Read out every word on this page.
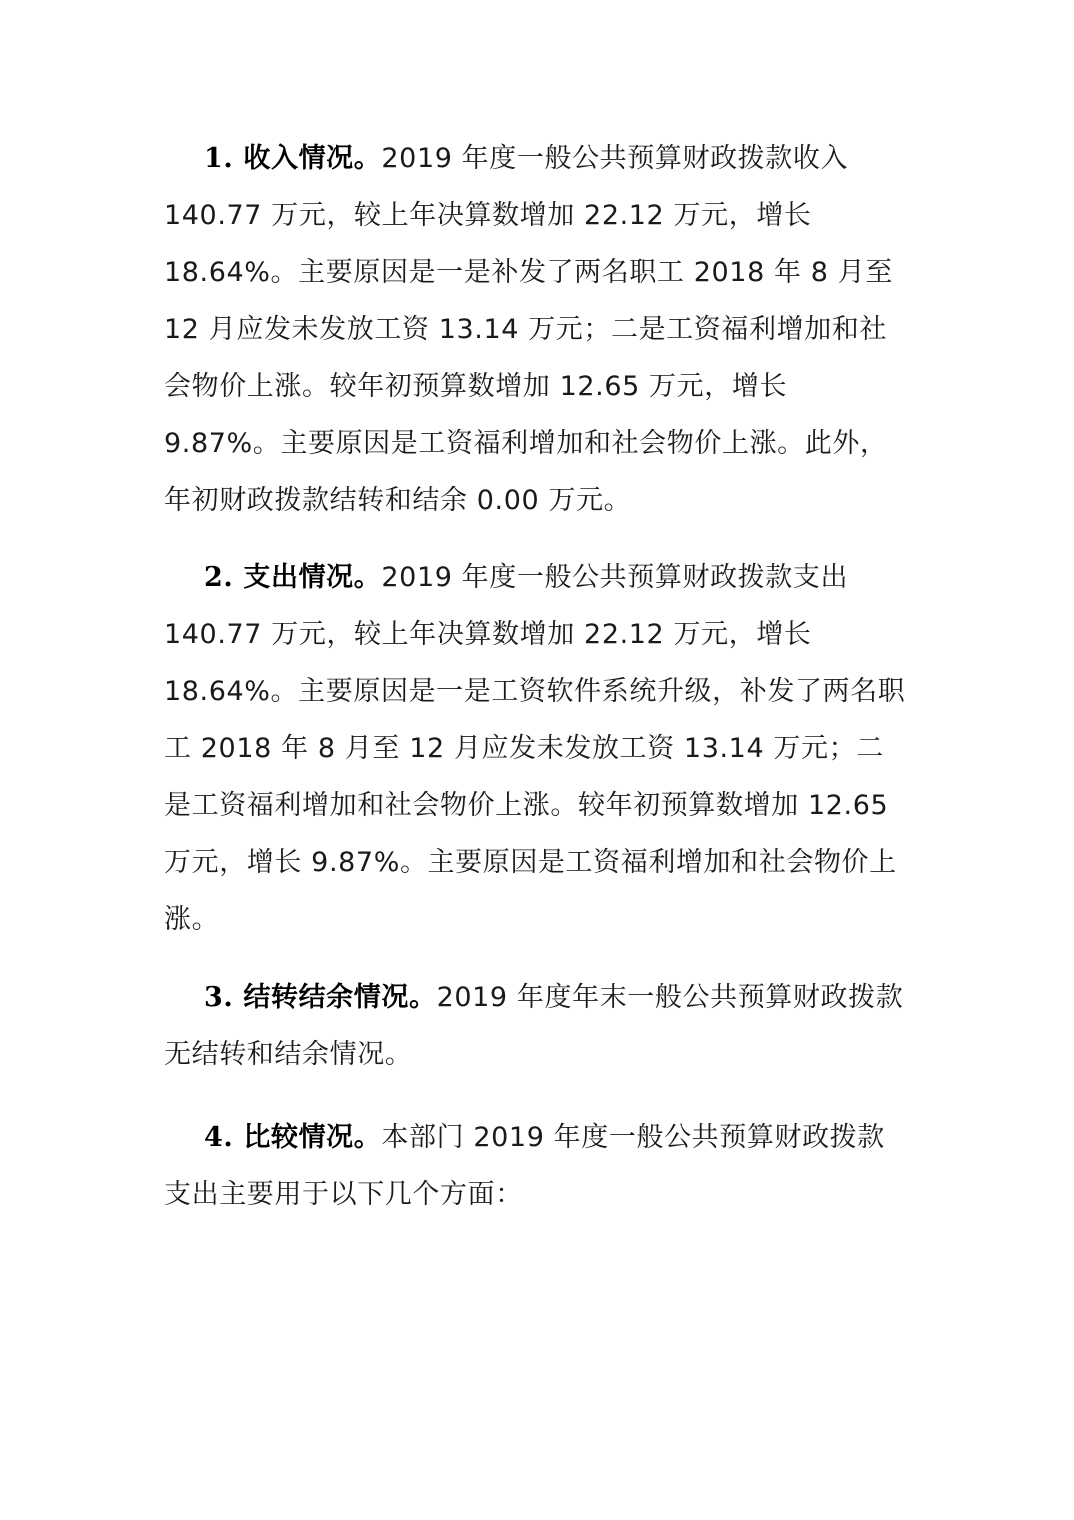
1. 收入情况。2019 年度一般公共预算财政拨款收入 140.77 万元，较上年决算数增加 22.12 万元，增长 18.64%。主要原因是一是补发了两名职工 2018 年 8 月至 12 月应发未发放工资 13.14 万元；二是工资福利增加和社会物价上涨。较年初预算数增加 12.65 万元，增长 9.87%。主要原因是工资福利增加和社会物价上涨。此外，年初财政拨款结转和结余 0.00 万元。

2. 支出情况。2019 年度一般公共预算财政拨款支出 140.77 万元，较上年决算数增加 22.12 万元，增长 18.64%。主要原因是一是工资软件系统升级，补发了两名职工 2018 年 8 月至 12 月应发未发放工资 13.14 万元；二是工资福利增加和社会物价上涨。较年初预算数增加 12.65 万元，增长 9.87%。主要原因是工资福利增加和社会物价上涨。

3. 结转结余情况。2019 年度年末一般公共预算财政拨款无结转和结余情况。

4. 比较情况。本部门 2019 年度一般公共预算财政拨款支出主要用于以下几个方面：
